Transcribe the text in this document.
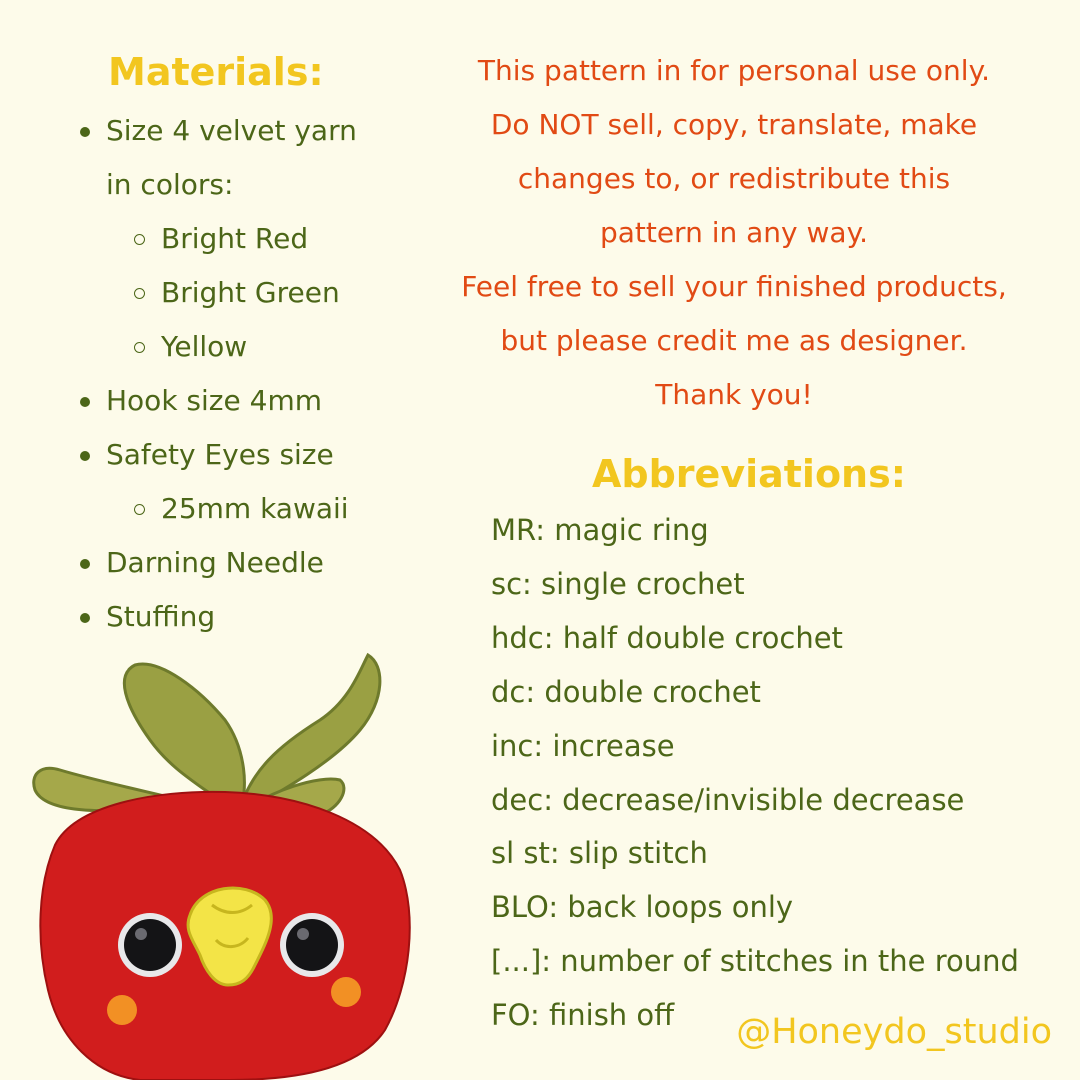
Materials:
Size 4 velvet yarn
in colors:
Bright Red
Bright Green
Yellow
Hook size 4mm
Safety Eyes size
25mm kawaii
Darning Needle
Stuffing
This pattern in for personal use only.
Do NOT sell, copy, translate, make
changes to, or redistribute this
pattern in any way.
Feel free to sell your finished products,
but please credit me as designer.
Thank you!
Abbreviations:
MR: magic ring
sc: single crochet
hdc: half double crochet
dc: double crochet
inc: increase
dec: decrease/invisible decrease
sl st: slip stitch
BLO: back loops only
[...]: number of stitches in the round
FO: finish off	@Honeydo_studio
